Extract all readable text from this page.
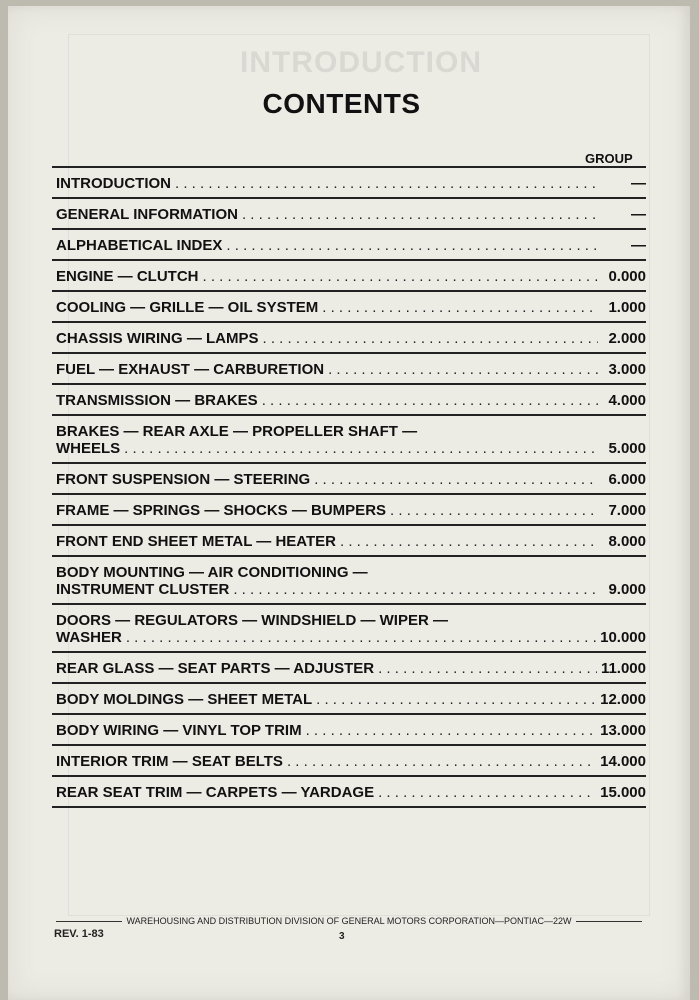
INTRODUCTION
CONTENTS
GROUP
INTRODUCTION . . .	—
GENERAL INFORMATION . . .	—
ALPHABETICAL INDEX . . .	—
ENGINE — CLUTCH . . .	0.000
COOLING — GRILLE — OIL SYSTEM . . .	1.000
CHASSIS WIRING — LAMPS . . .	2.000
FUEL — EXHAUST — CARBURETION . . .	3.000
TRANSMISSION — BRAKES . . .	4.000
BRAKES — REAR AXLE — PROPELLER SHAFT —
WHEELS . . .	5.000
FRONT SUSPENSION — STEERING . . .	6.000
FRAME — SPRINGS — SHOCKS — BUMPERS . . .	7.000
FRONT END SHEET METAL — HEATER . . .	8.000
BODY MOUNTING — AIR CONDITIONING —
INSTRUMENT CLUSTER . . .	9.000
DOORS — REGULATORS — WINDSHIELD — WIPER —
WASHER . . .	10.000
REAR GLASS — SEAT PARTS — ADJUSTER . . .	11.000
BODY MOLDINGS — SHEET METAL . . .	12.000
BODY WIRING — VINYL TOP TRIM . . .	13.000
INTERIOR TRIM — SEAT BELTS . . .	14.000
REAR SEAT TRIM — CARPETS — YARDAGE . . .	15.000
WAREHOUSING AND DISTRIBUTION DIVISION OF GENERAL MOTORS CORPORATION—PONTIAC—22W
REV. 1-83	3
